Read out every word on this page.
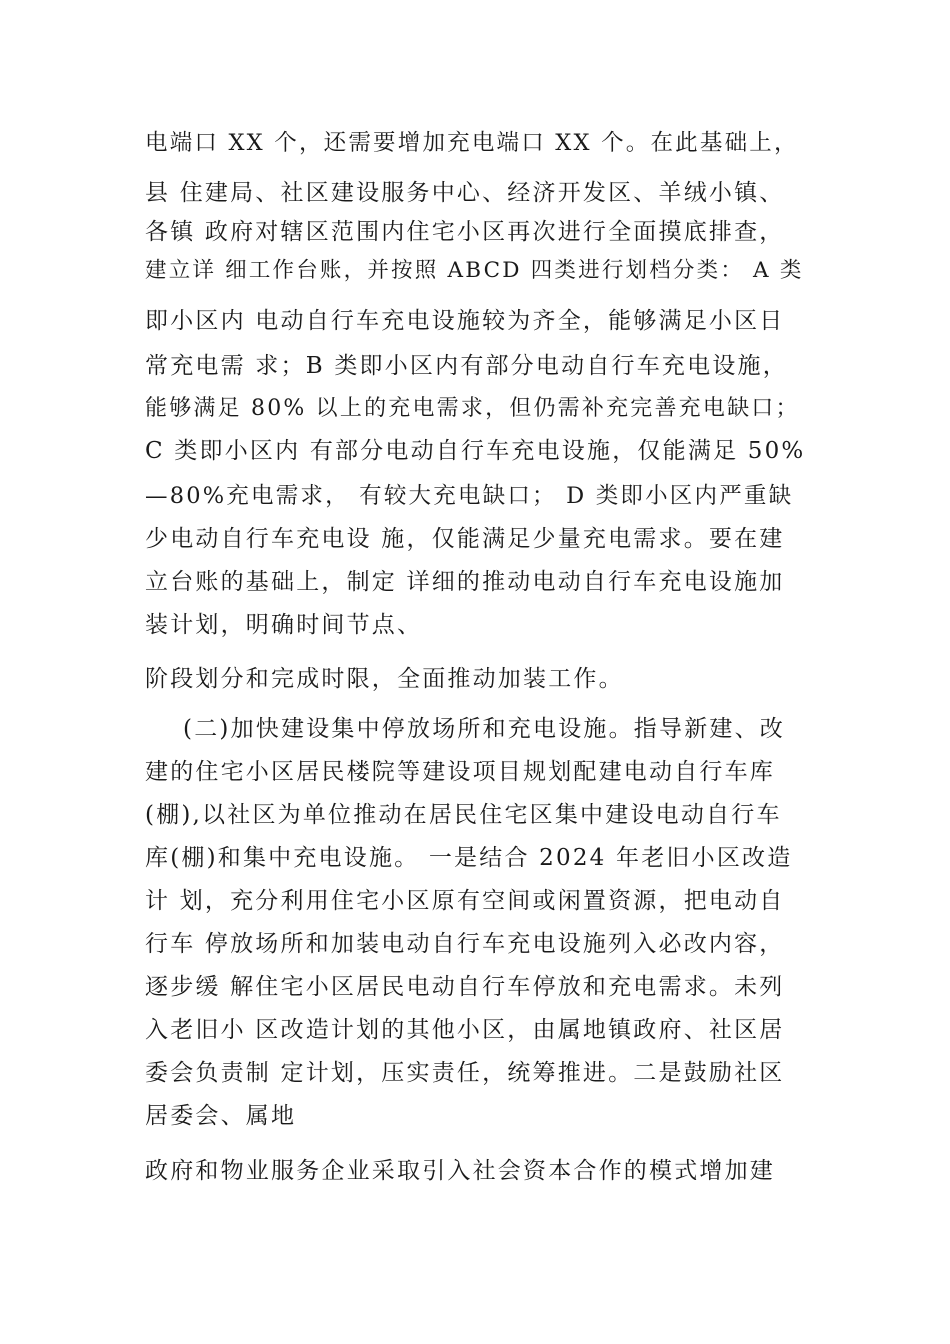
电端口 XX 个，还需要增加充电端口 XX 个。在此基础上，
县 住建局、社区建设服务中心、经济开发区、羊绒小镇、
各镇 政府对辖区范围内住宅小区再次进行全面摸底排查，
建立详 细工作台账，并按照 ABCD 四类进行划档分类： A 类
即小区内 电动自行车充电设施较为齐全，能够满足小区日
常充电需 求；B 类即小区内有部分电动自行车充电设施，
能够满足 80% 以上的充电需求，但仍需补充完善充电缺口；
C 类即小区内 有部分电动自行车充电设施，仅能满足 50%
—80%充电需求， 有较大充电缺口； D 类即小区内严重缺
少电动自行车充电设 施，仅能满足少量充电需求。要在建
立台账的基础上，制定 详细的推动电动自行车充电设施加
装计划，明确时间节点、
阶段划分和完成时限，全面推动加装工作。
(二)加快建设集中停放场所和充电设施。指导新建、改
建的住宅小区居民楼院等建设项目规划配建电动自行车库
(棚),以社区为单位推动在居民住宅区集中建设电动自行车
库(棚)和集中充电设施。 一是结合 2024 年老旧小区改造
计 划，充分利用住宅小区原有空间或闲置资源，把电动自
行车 停放场所和加装电动自行车充电设施列入必改内容，
逐步缓 解住宅小区居民电动自行车停放和充电需求。未列
入老旧小 区改造计划的其他小区，由属地镇政府、社区居
委会负责制 定计划，压实责任，统筹推进。二是鼓励社区
居委会、属地
政府和物业服务企业采取引入社会资本合作的模式增加建
